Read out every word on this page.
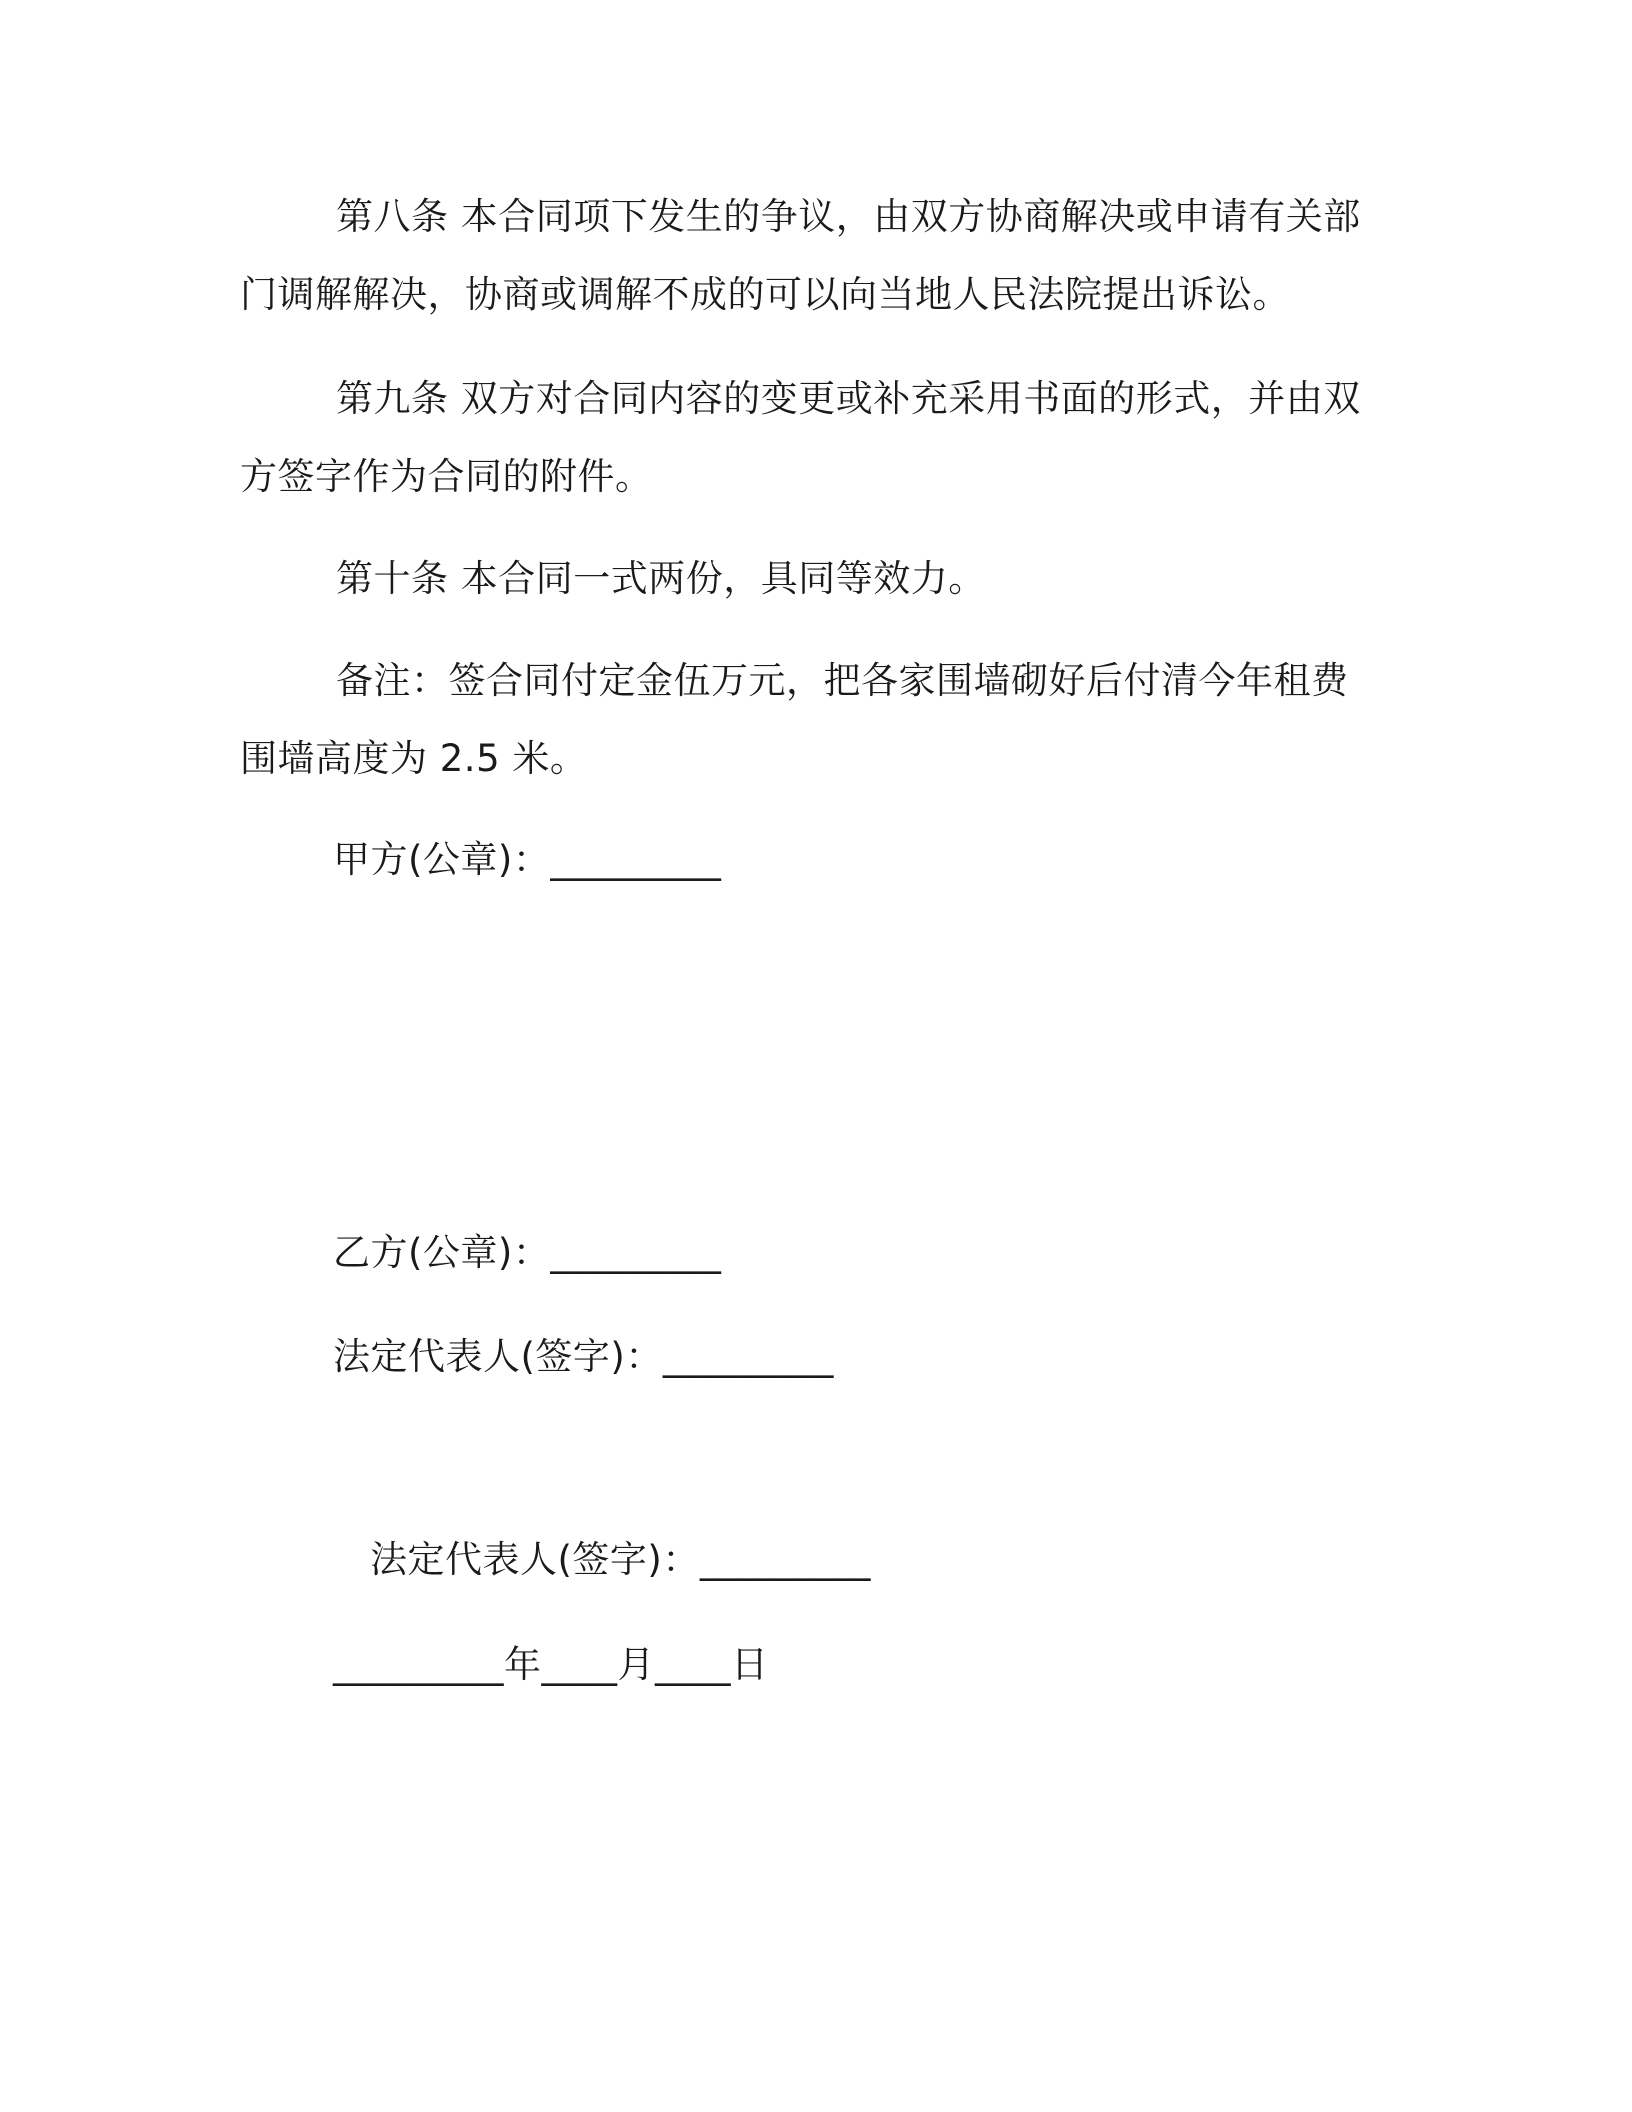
第八条 本合同项下发生的争议，由双方协商解决或申请有关部门调解解决，协商或调解不成的可以向当地人民法院提出诉讼。

第九条 双方对合同内容的变更或补充采用书面的形式，并由双方签字作为合同的附件。

第十条 本合同一式两份，具同等效力。

备注：签合同付定金伍万元，把各家围墙砌好后付清今年租费围墙高度为 2.5 米。

甲方(公章)：_________

乙方(公章)：_________

法定代表人(签字)：_________

法定代表人(签字)：_________

_________年____月____日
